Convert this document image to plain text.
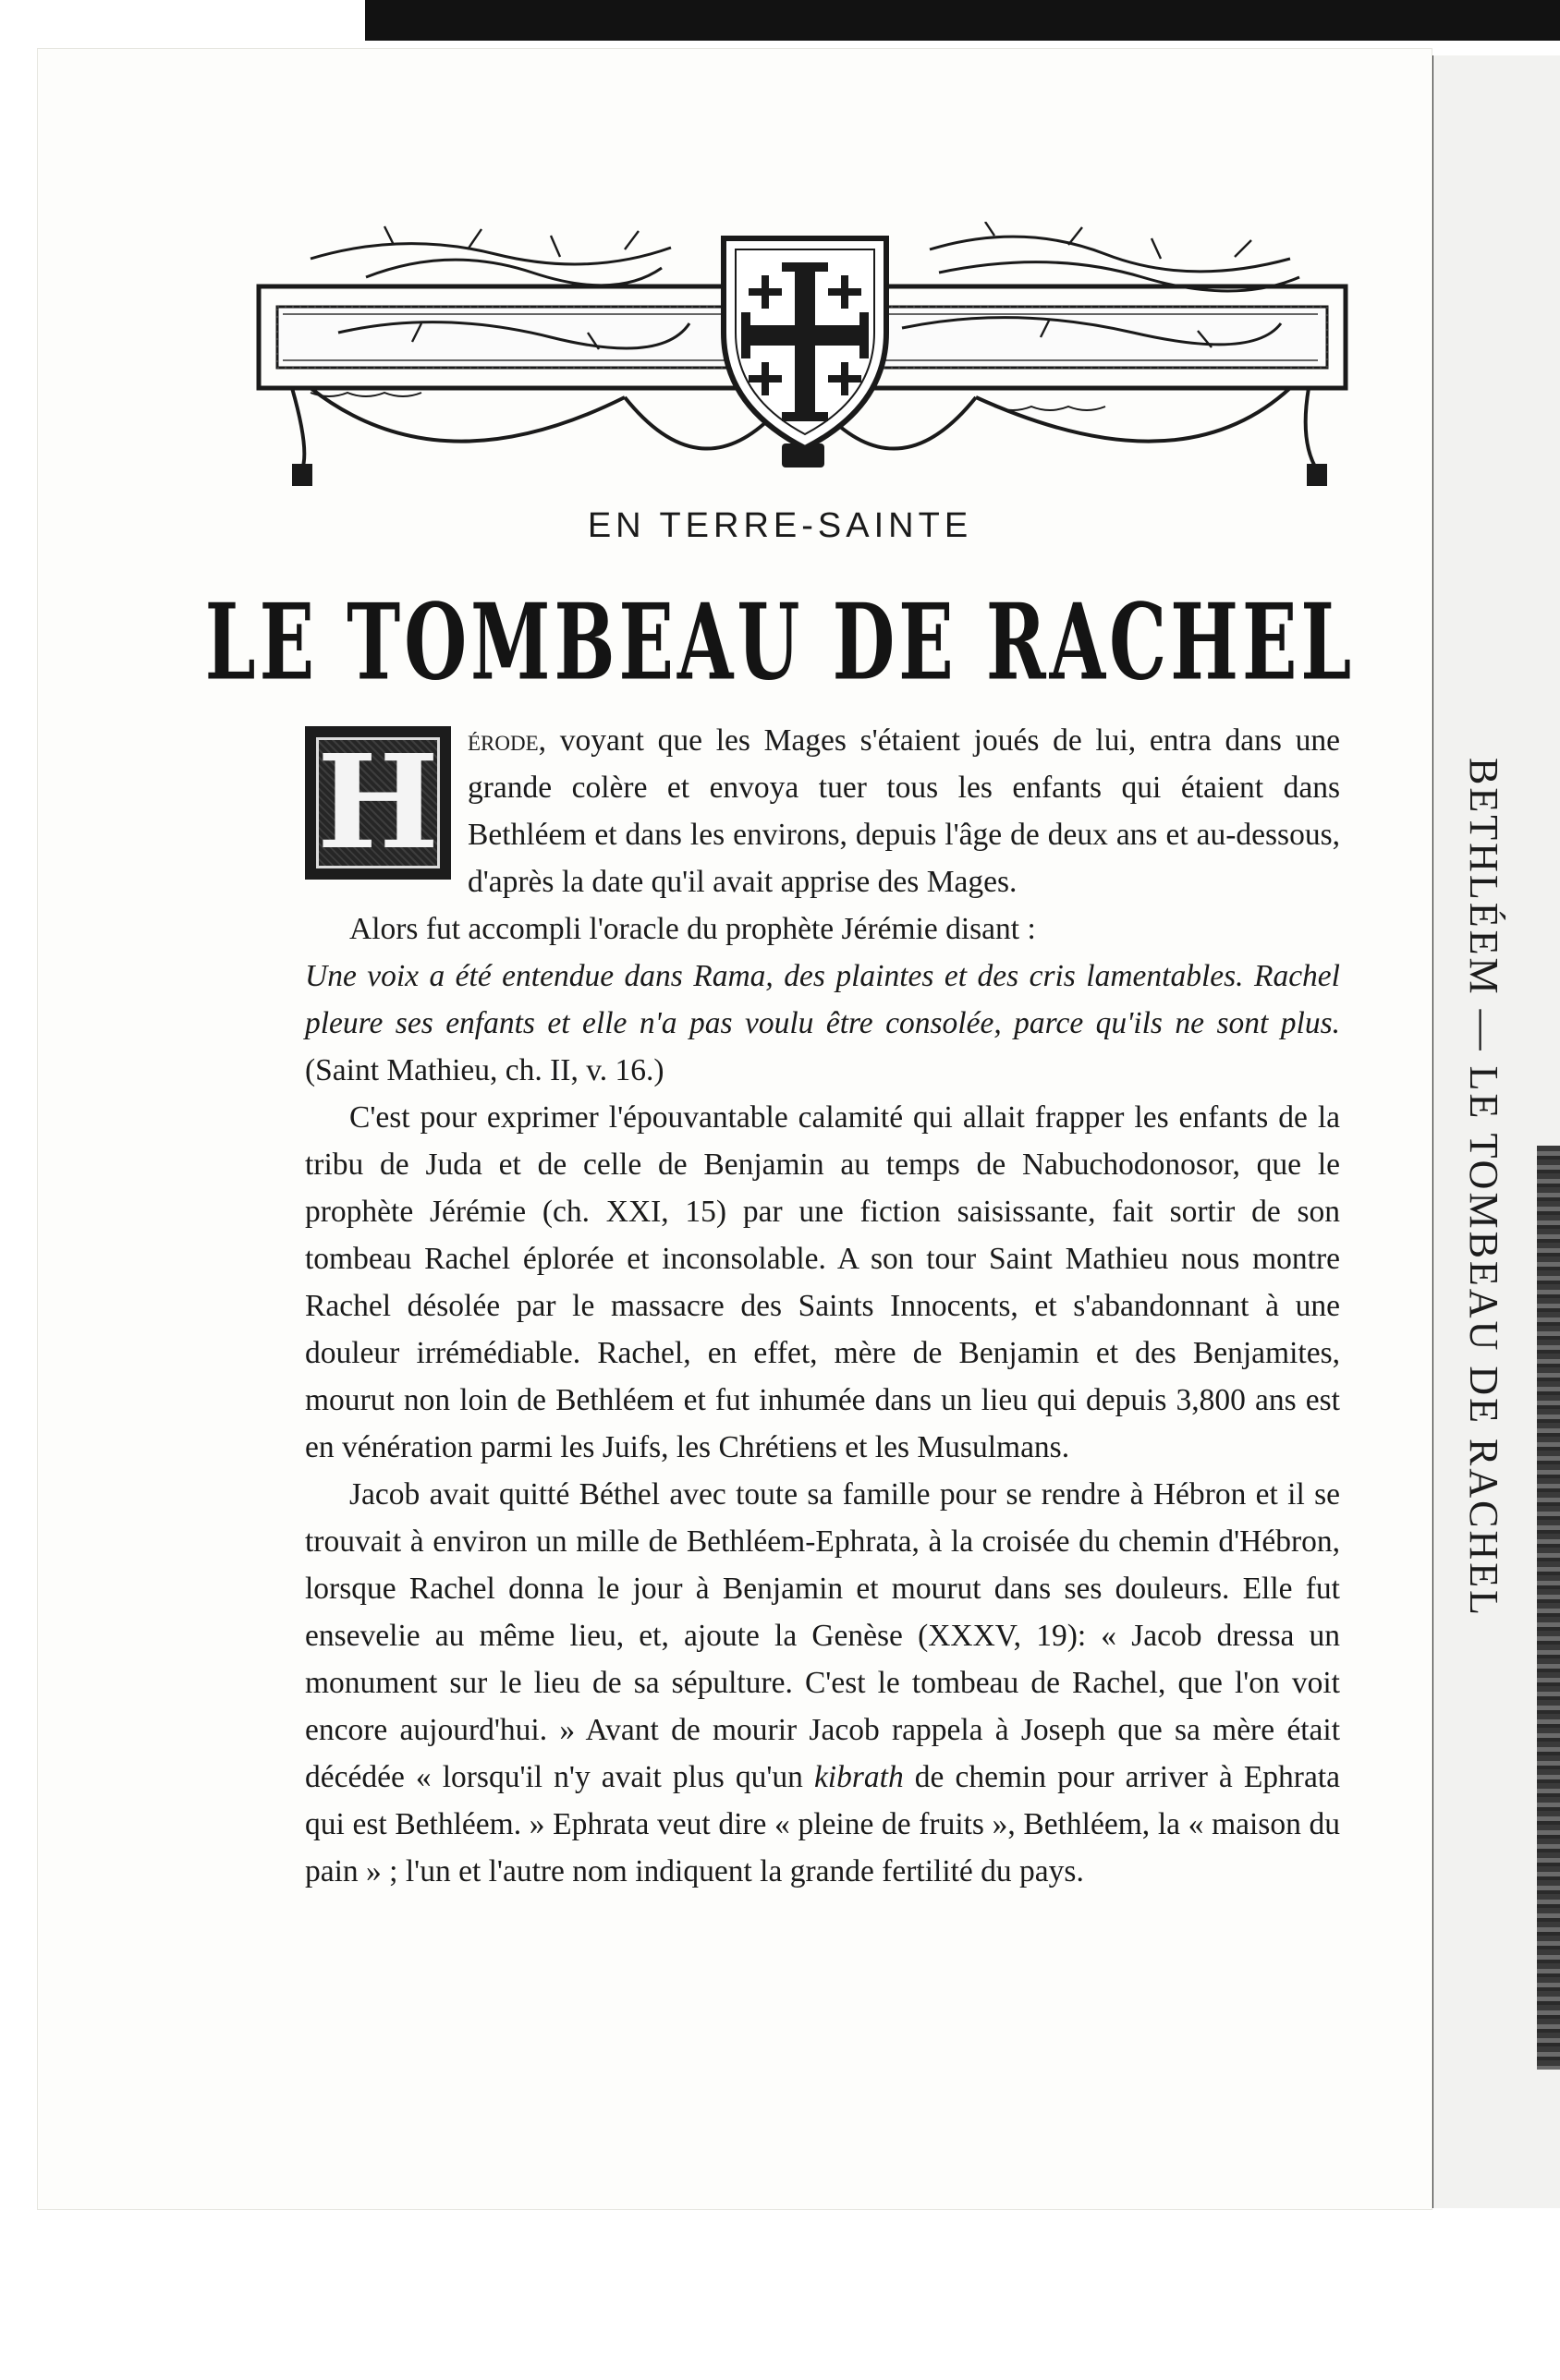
BETHLÉEM — LE TOMBEAU DE RACHEL
EN TERRE-SAINTE
LE TOMBEAU DE RACHEL

H érode, voyant que les Mages s'étaient joués de lui, entra dans une grande colère et envoya tuer tous les enfants qui étaient dans Bethléem et dans les environs, depuis l'âge de deux ans et au-dessous, d'après la date qu'il avait apprise des Mages.

Alors fut accompli l'oracle du prophète Jérémie disant :

Une voix a été entendue dans Rama, des plaintes et des cris lamentables. Rachel pleure ses enfants et elle n'a pas voulu être consolée, parce qu'ils ne sont plus. (Saint Mathieu, ch. II, v. 16.)

C'est pour exprimer l'épouvantable calamité qui allait frapper les enfants de la tribu de Juda et de celle de Benjamin au temps de Nabuchodonosor, que le prophète Jérémie (ch. XXI, 15) par une fiction saisissante, fait sortir de son tombeau Rachel éplorée et inconsolable. A son tour Saint Mathieu nous montre Rachel désolée par le massacre des Saints Innocents, et s'abandonnant à une douleur irrémédiable. Rachel, en effet, mère de Benjamin et des Benjamites, mourut non loin de Bethléem et fut inhumée dans un lieu qui depuis 3,800 ans est en vénération parmi les Juifs, les Chrétiens et les Musulmans.

Jacob avait quitté Béthel avec toute sa famille pour se rendre à Hébron et il se trouvait à environ un mille de Bethléem-Ephrata, à la croisée du chemin d'Hébron, lorsque Rachel donna le jour à Benjamin et mourut dans ses douleurs. Elle fut ensevelie au même lieu, et, ajoute la Genèse (XXXV, 19): « Jacob dressa un monument sur le lieu de sa sépulture. C'est le tombeau de Rachel, que l'on voit encore aujourd'hui. » Avant de mourir Jacob rappela à Joseph que sa mère était décédée « lorsqu'il n'y avait plus qu'un kibrath de chemin pour arriver à Ephrata qui est Bethléem. » Ephrata veut dire « pleine de fruits », Bethléem, la « maison du pain » ; l'un et l'autre nom indiquent la grande fertilité du pays.
